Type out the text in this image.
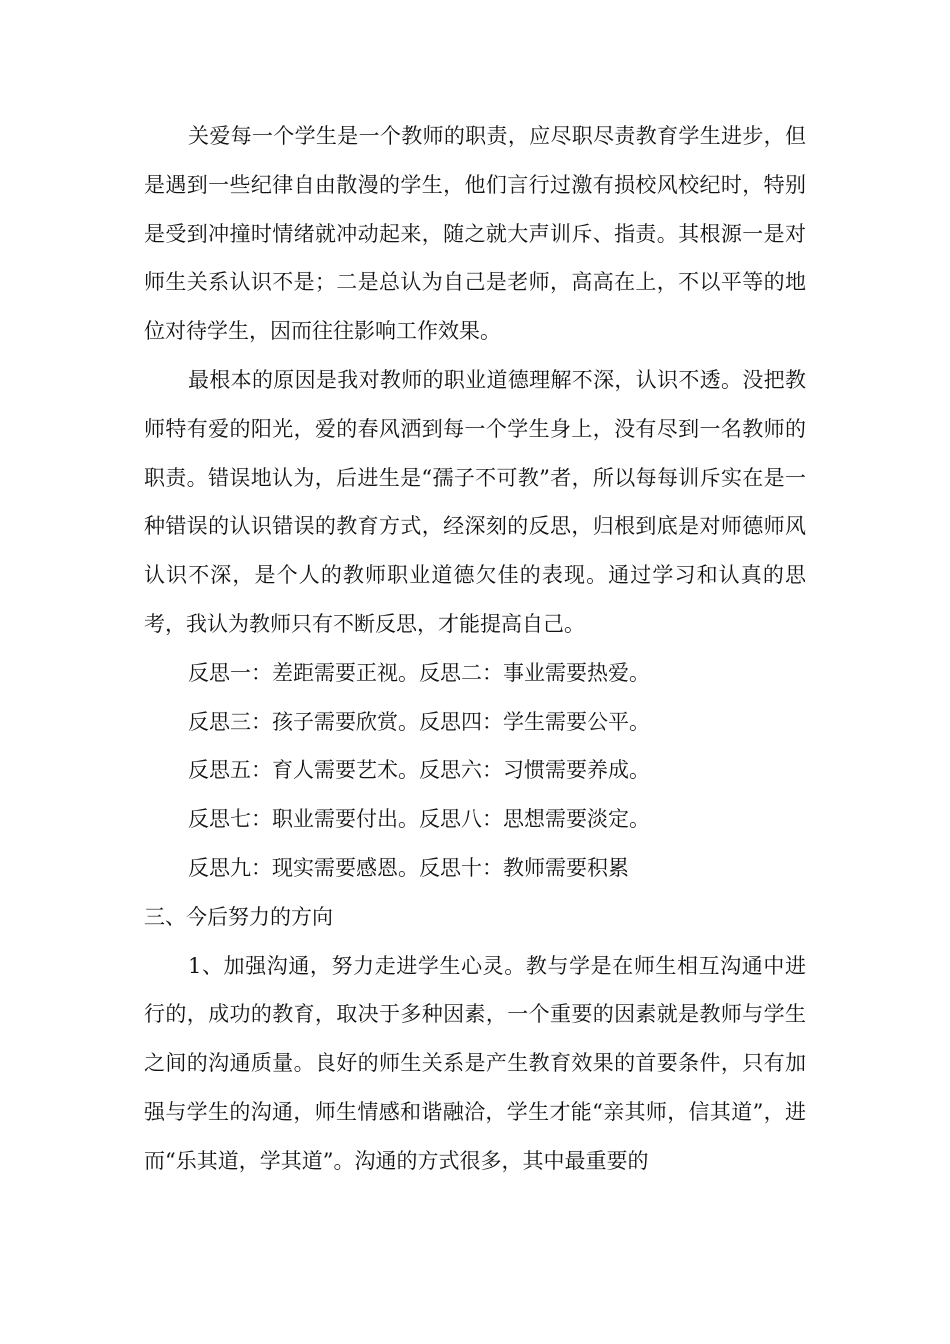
关爱每一个学生是一个教师的职责，应尽职尽责教育学生进步，但是遇到一些纪律自由散漫的学生，他们言行过激有损校风校纪时，特别是受到冲撞时情绪就冲动起来，随之就大声训斥、指责。其根源一是对师生关系认识不是；二是总认为自己是老师，高高在上，不以平等的地位对待学生，因而往往影响工作效果。

最根本的原因是我对教师的职业道德理解不深，认识不透。没把教师特有爱的阳光，爱的春风洒到每一个学生身上，没有尽到一名教师的职责。错误地认为，后进生是“孺子不可教”者，所以每每训斥实在是一种错误的认识错误的教育方式，经深刻的反思，归根到底是对师德师风认识不深，是个人的教师职业道德欠佳的表现。通过学习和认真的思考，我认为教师只有不断反思，才能提高自己。

反思一：差距需要正视。反思二：事业需要热爱。

反思三：孩子需要欣赏。反思四：学生需要公平。

反思五：育人需要艺术。反思六：习惯需要养成。

反思七：职业需要付出。反思八：思想需要淡定。

反思九：现实需要感恩。反思十：教师需要积累

三、今后努力的方向

1、加强沟通，努力走进学生心灵。教与学是在师生相互沟通中进行的，成功的教育，取决于多种因素，一个重要的因素就是教师与学生之间的沟通质量。良好的师生关系是产生教育效果的首要条件，只有加强与学生的沟通，师生情感和谐融洽，学生才能“亲其师，信其道”，进而“乐其道，学其道”。沟通的方式很多，其中最重要的
